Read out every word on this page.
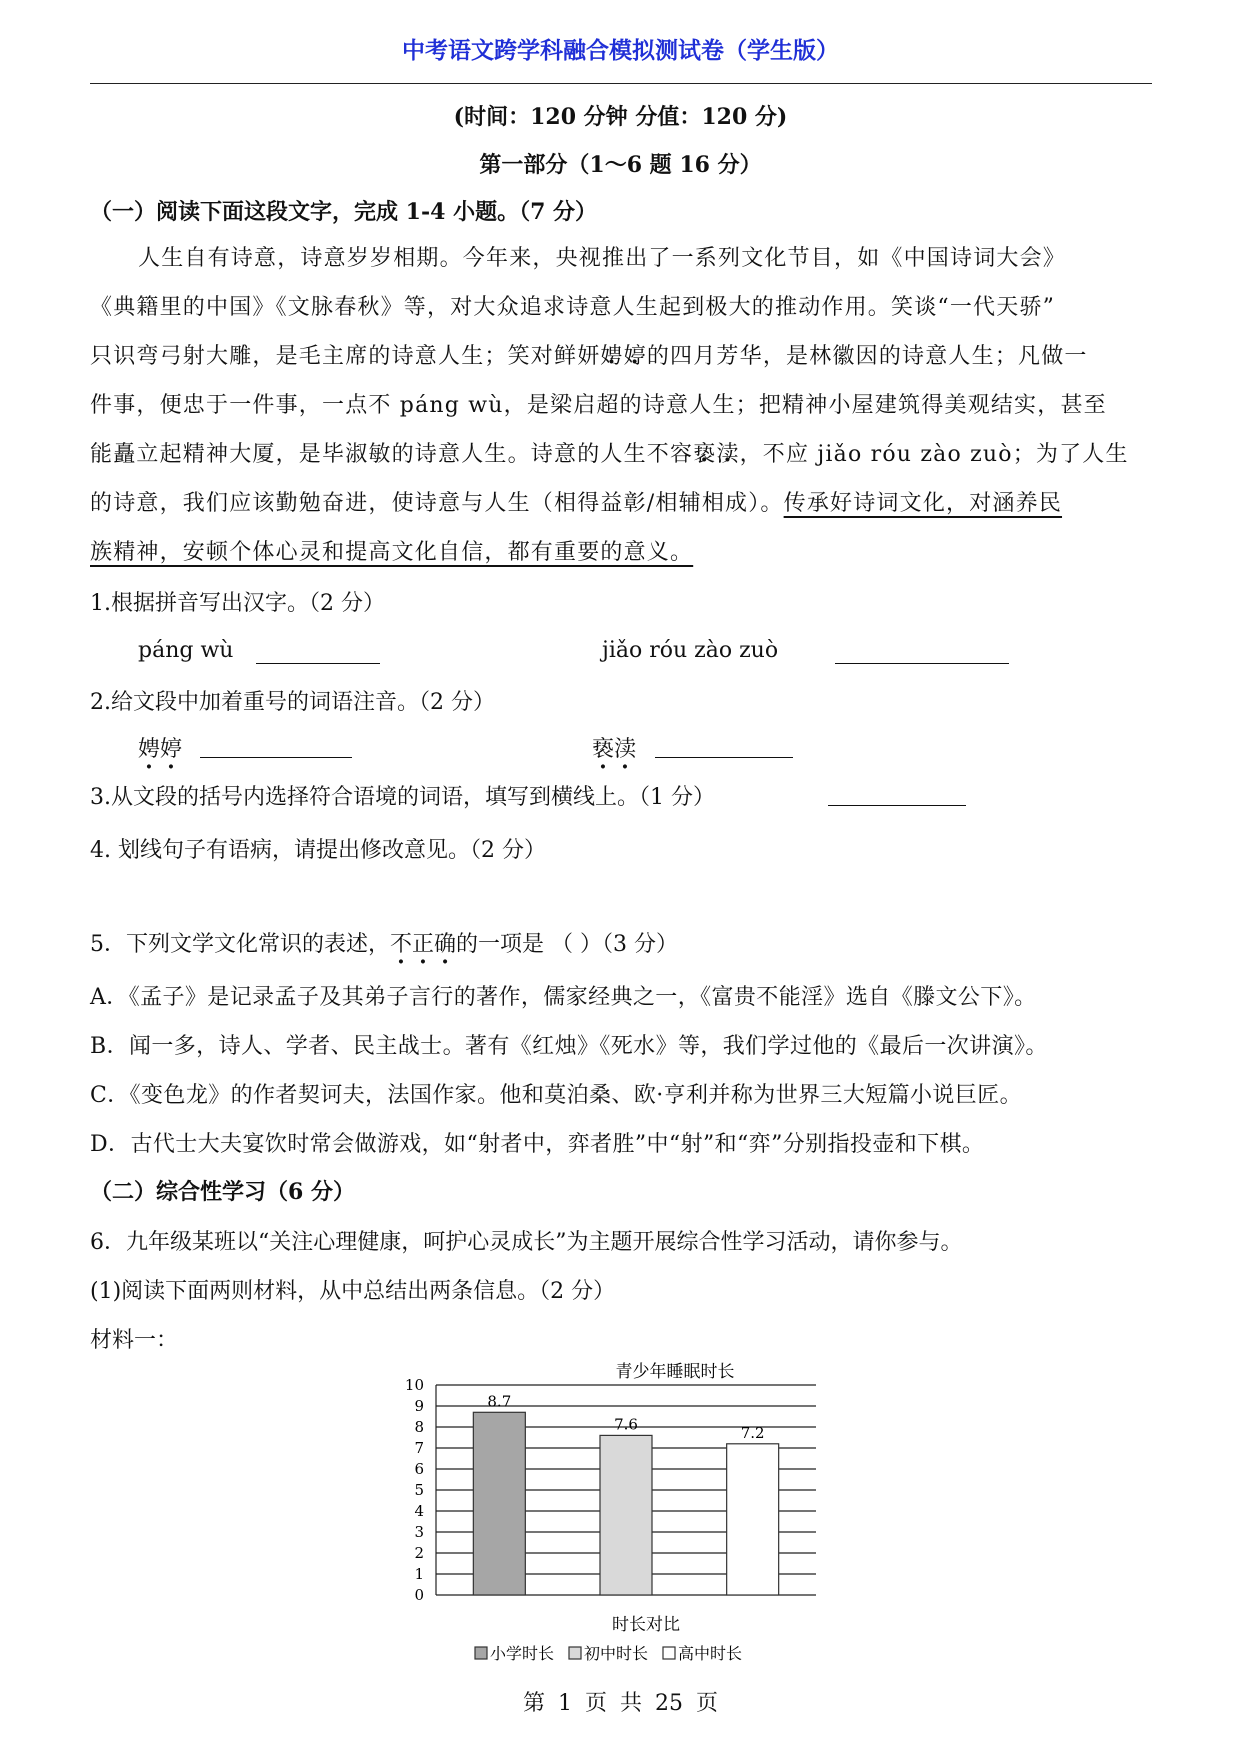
中考语文跨学科融合模拟测试卷（学生版）
(时间：120 分钟 分值：120 分)
第一部分（1～6 题 16 分）
（一）阅读下面这段文字，完成 1-4 小题。（7 分）

人生自有诗意，诗意岁岁相期。今年来，央视推出了一系列文化节目，如《中国诗词大会》

《典籍里的中国》《文脉春秋》等，对大众追求诗意人生起到极大的推动作用。笑谈“一代天骄”

只识弯弓射大雕，是毛主席的诗意人生；笑对鲜妍娉 ·婷 ·的四月芳华，是林徽因的诗意人生；凡做一

件事，便忠于一件事，一点不 páng wù，是梁启超的诗意人生；把精神小屋建筑得美观结实，甚至

能矗立起精神大厦，是毕淑敏的诗意人生。诗意的人生不容亵 ·渎 ·，不应 jiǎo róu zào zuò；为了人生

的诗意，我们应该勤勉奋进，使诗意与人生（相得益彰/相辅相成）。传承好诗词文化，对涵养民

族精神，安顿个体心灵和提高文化自信，都有重要的意义。

1.根据拼音写出汉字。（2 分）
páng wù	jiǎo róu zào zuò
2.给文段中加着重号的词语注音。（2 分）
娉婷	亵渎
3.从文段的括号内选择符合语境的词语，填写到横线上。（1 分）
4. 划线句子有语病，请提出修改意见。（2 分）
5．下列文学文化常识的表述，不正确的一项是 （ ）（3 分）
A．《孟子》是记录孟子及其弟子言行的著作，儒家经典之一，《富贵不能淫》选自《滕文公下》。
B．闻一多，诗人、学者、民主战士。著有《红烛》《死水》等，我们学过他的《最后一次讲演》。
C．《变色龙》的作者契诃夫，法国作家。他和莫泊桑、欧·亨利并称为世界三大短篇小说巨匠。
D．古代士大夫宴饮时常会做游戏，如“射者中，弈者胜”中“射”和“弈”分别指投壶和下棋。
（二）综合性学习（6 分）
6．九年级某班以“关注心理健康，呵护心灵成长”为主题开展综合性学习活动，请你参与。
(1)阅读下面两则材料，从中总结出两条信息。（2 分）
材料一：
0
1
2
3
4
5
6
7
8
9
10
8.7
7.6	7.2
青少年睡眠时长
时长对比
小学时长 初中时长 高中时长
第 1 页 共 25 页
